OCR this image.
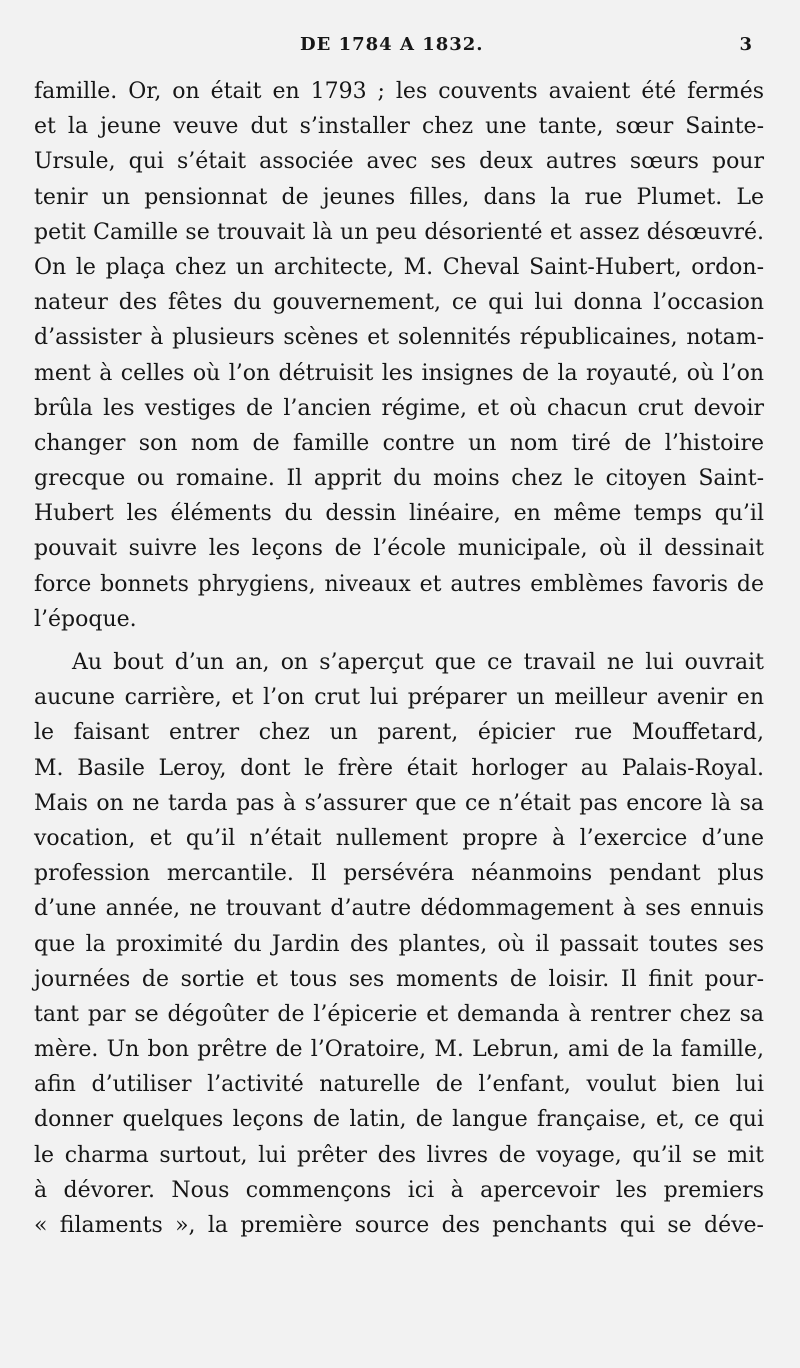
DE 1784 A 1832.	3
famille. Or, on était en 1793 ; les couvents avaient été fermés
et la jeune veuve dut s’installer chez une tante, sœur Sainte-
Ursule, qui s’était associée avec ses deux autres sœurs pour
tenir un pensionnat de jeunes filles, dans la rue Plumet. Le
petit Camille se trouvait là un peu désorienté et assez désœuvré.
On le plaça chez un architecte, M. Cheval Saint-Hubert, ordon-
nateur des fêtes du gouvernement, ce qui lui donna l’occasion
d’assister à plusieurs scènes et solennités républicaines, notam-
ment à celles où l’on détruisit les insignes de la royauté, où l’on
brûla les vestiges de l’ancien régime, et où chacun crut devoir
changer son nom de famille contre un nom tiré de l’histoire
grecque ou romaine. Il apprit du moins chez le citoyen Saint-
Hubert les éléments du dessin linéaire, en même temps qu’il
pouvait suivre les leçons de l’école municipale, où il dessinait
force bonnets phrygiens, niveaux et autres emblèmes favoris de
l’époque.
Au bout d’un an, on s’aperçut que ce travail ne lui ouvrait
aucune carrière, et l’on crut lui préparer un meilleur avenir en
le faisant entrer chez un parent, épicier rue Mouffetard,
M. Basile Leroy, dont le frère était horloger au Palais-Royal.
Mais on ne tarda pas à s’assurer que ce n’était pas encore là sa
vocation, et qu’il n’était nullement propre à l’exercice d’une
profession mercantile. Il persévéra néanmoins pendant plus
d’une année, ne trouvant d’autre dédommagement à ses ennuis
que la proximité du Jardin des plantes, où il passait toutes ses
journées de sortie et tous ses moments de loisir. Il finit pour-
tant par se dégoûter de l’épicerie et demanda à rentrer chez sa
mère. Un bon prêtre de l’Oratoire, M. Lebrun, ami de la famille,
afin d’utiliser l’activité naturelle de l’enfant, voulut bien lui
donner quelques leçons de latin, de langue française, et, ce qui
le charma surtout, lui prêter des livres de voyage, qu’il se mit
à dévorer. Nous commençons ici à apercevoir les premiers
« filaments », la première source des penchants qui se déve-
